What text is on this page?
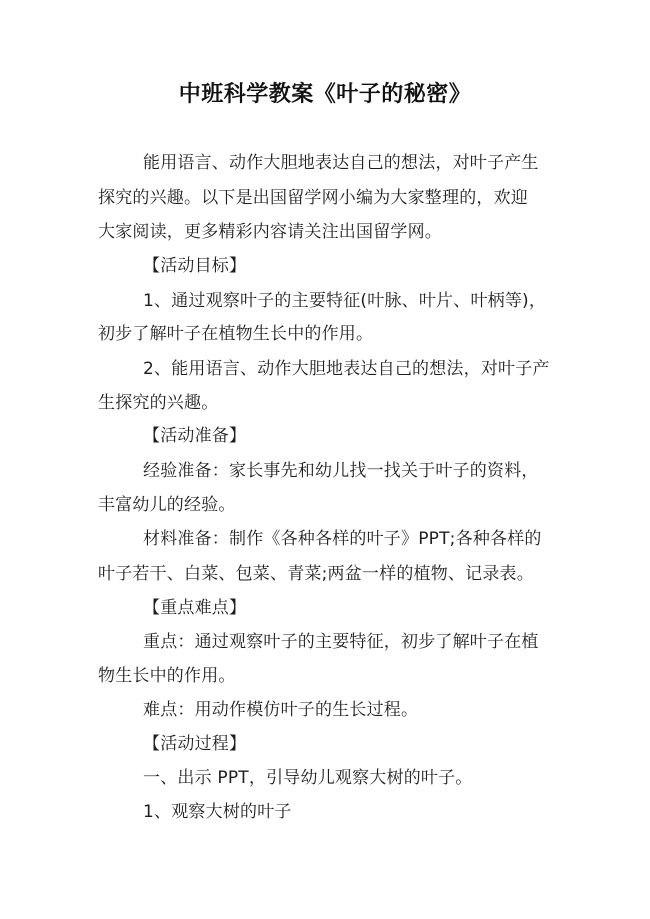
中班科学教案《叶子的秘密》
能用语言、动作大胆地表达自己的想法，对叶子产生
探究的兴趣。以下是出国留学网小编为大家整理的，欢迎
大家阅读，更多精彩内容请关注出国留学网。
【活动目标】
1、通过观察叶子的主要特征(叶脉、叶片、叶柄等)，
初步了解叶子在植物生长中的作用。
2、能用语言、动作大胆地表达自己的想法，对叶子产
生探究的兴趣。
【活动准备】
经验准备：家长事先和幼儿找一找关于叶子的资料，
丰富幼儿的经验。
材料准备：制作《各种各样的叶子》PPT;各种各样的
叶子若干、白菜、包菜、青菜;两盆一样的植物、记录表。
【重点难点】
重点：通过观察叶子的主要特征，初步了解叶子在植
物生长中的作用。
难点：用动作模仿叶子的生长过程。
【活动过程】
一、出示 PPT，引导幼儿观察大树的叶子。
1、观察大树的叶子
